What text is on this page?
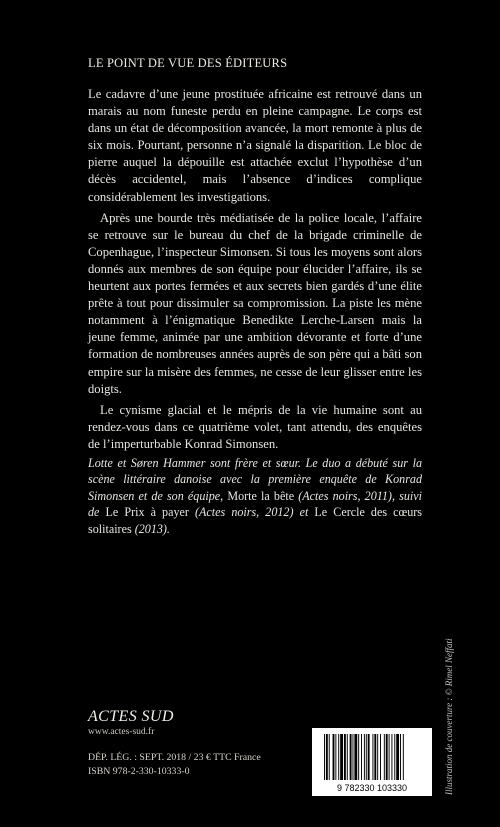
LE POINT DE VUE DES ÉDITEURS

Le cadavre d’une jeune prostituée africaine est retrouvé dans un marais au nom funeste perdu en pleine campagne. Le corps est dans un état de décomposition avancée, la mort remonte à plus de six mois. Pourtant, personne n’a signalé la disparition. Le bloc de pierre auquel la dépouille est attachée exclut l’hypothèse d’un décès accidentel, mais l’absence d’indices complique considérablement les investigations.

Après une bourde très médiatisée de la police locale, l’affaire se retrouve sur le bureau du chef de la brigade criminelle de Copenhague, l’inspecteur Simonsen. Si tous les moyens sont alors donnés aux membres de son équipe pour élucider l’affaire, ils se heurtent aux portes fermées et aux secrets bien gardés d’une élite prête à tout pour dissimuler sa compromission. La piste les mène notamment à l’énigmatique Benedikte Lerche-Larsen mais la jeune femme, animée par une ambition dévorante et forte d’une formation de nombreuses années auprès de son père qui a bâti son empire sur la misère des femmes, ne cesse de leur glisser entre les doigts.

Le cynisme glacial et le mépris de la vie humaine sont au rendez-vous dans ce quatrième volet, tant attendu, des enquêtes de l’imperturbable Konrad Simonsen.

Lotte et Søren Hammer sont frère et sœur. Le duo a débuté sur la scène littéraire danoise avec la première enquête de Konrad Simonsen et de son équipe, Morte la bête (Actes noirs, 2011), suivi de Le Prix à payer (Actes noirs, 2012) et Le Cercle des cœurs solitaires (2013).
ACTES SUD
www.actes-sud.fr
DÉP. LÉG. : SEPT. 2018 / 23 € TTC France
ISBN 978-2-330-10333-0
9 782330 103330	Illustration de couverture : © Rimel Neffati
